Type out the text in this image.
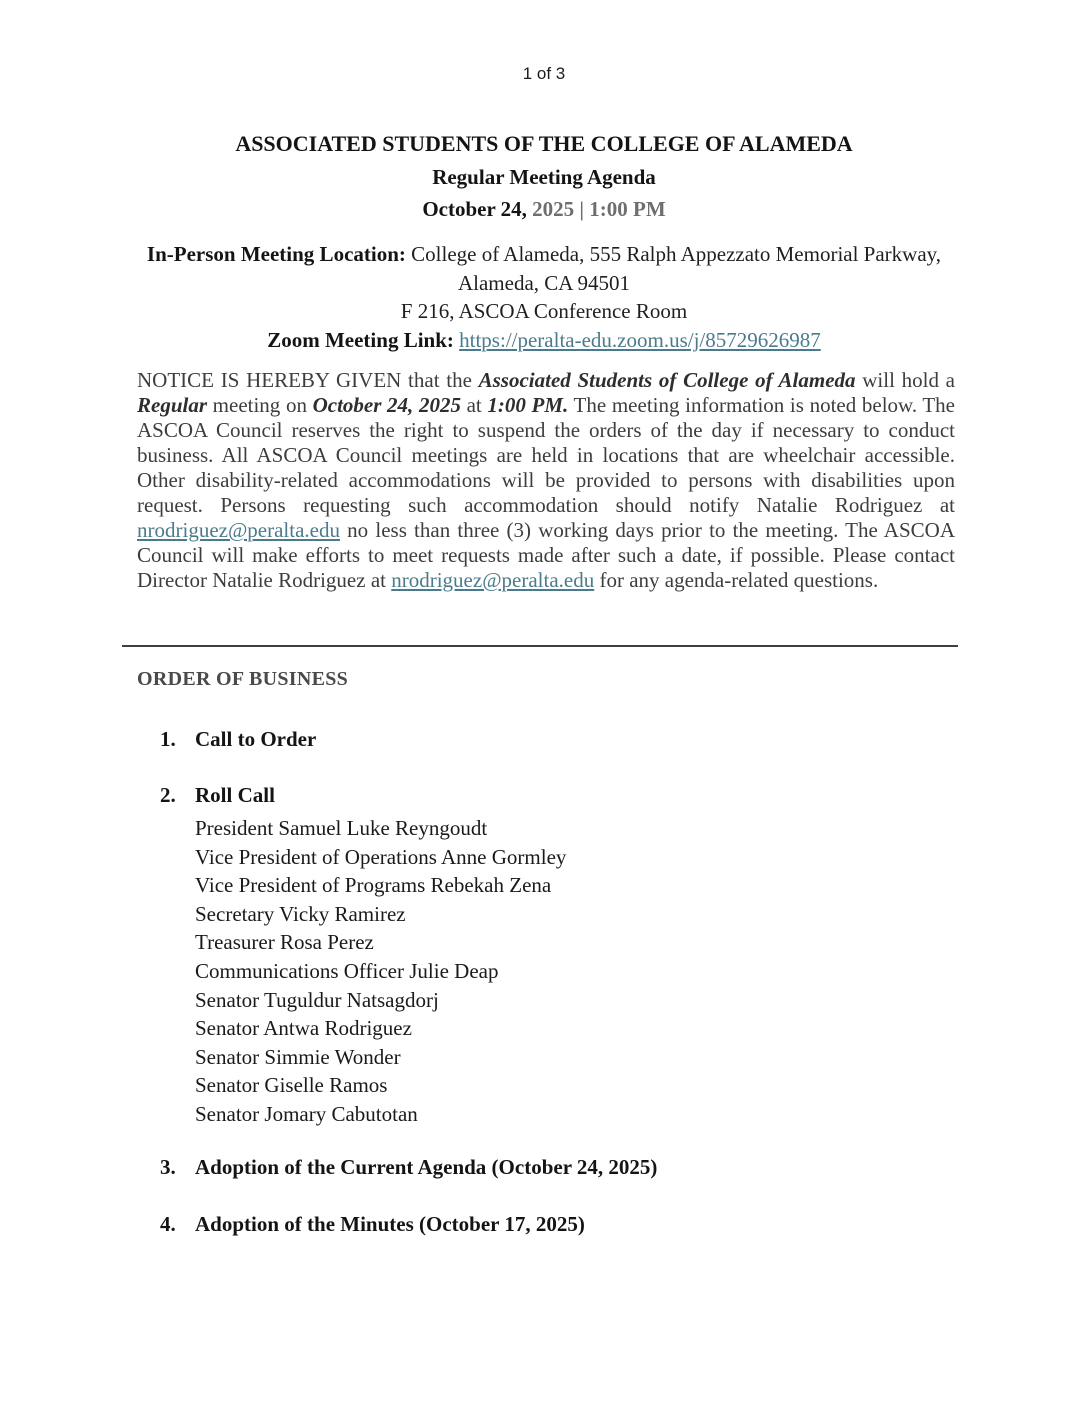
1 of 3
ASSOCIATED STUDENTS OF THE COLLEGE OF ALAMEDA
Regular Meeting Agenda
October 24, 2025 | 1:00 PM
In-Person Meeting Location: College of Alameda, 555 Ralph Appezzato Memorial Parkway,
Alameda, CA 94501
F 216, ASCOA Conference Room
Zoom Meeting Link: https://peralta-edu.zoom.us/j/85729626987

NOTICE IS HEREBY GIVEN that the Associated Students of College of Alameda will hold a Regular meeting on October 24, 2025 at 1:00 PM. The meeting information is noted below. The ASCOA Council reserves the right to suspend the orders of the day if necessary to conduct business. All ASCOA Council meetings are held in locations that are wheelchair accessible. Other disability-related accommodations will be provided to persons with disabilities upon request. Persons requesting such accommodation should notify Natalie Rodriguez at nrodriguez@peralta.edu no less than three (3) working days prior to the meeting. The ASCOA Council will make efforts to meet requests made after such a date, if possible. Please contact Director Natalie Rodriguez at nrodriguez@peralta.edu for any agenda-related questions.

ORDER OF BUSINESS
1. Call to Order
2. Roll Call
President Samuel Luke Reyngoudt
Vice President of Operations Anne Gormley
Vice President of Programs Rebekah Zena
Secretary Vicky Ramirez
Treasurer Rosa Perez
Communications Officer Julie Deap
Senator Tuguldur Natsagdorj
Senator Antwa Rodriguez
Senator Simmie Wonder
Senator Giselle Ramos
Senator Jomary Cabutotan
3. Adoption of the Current Agenda (October 24, 2025)
4. Adoption of the Minutes (October 17, 2025)
